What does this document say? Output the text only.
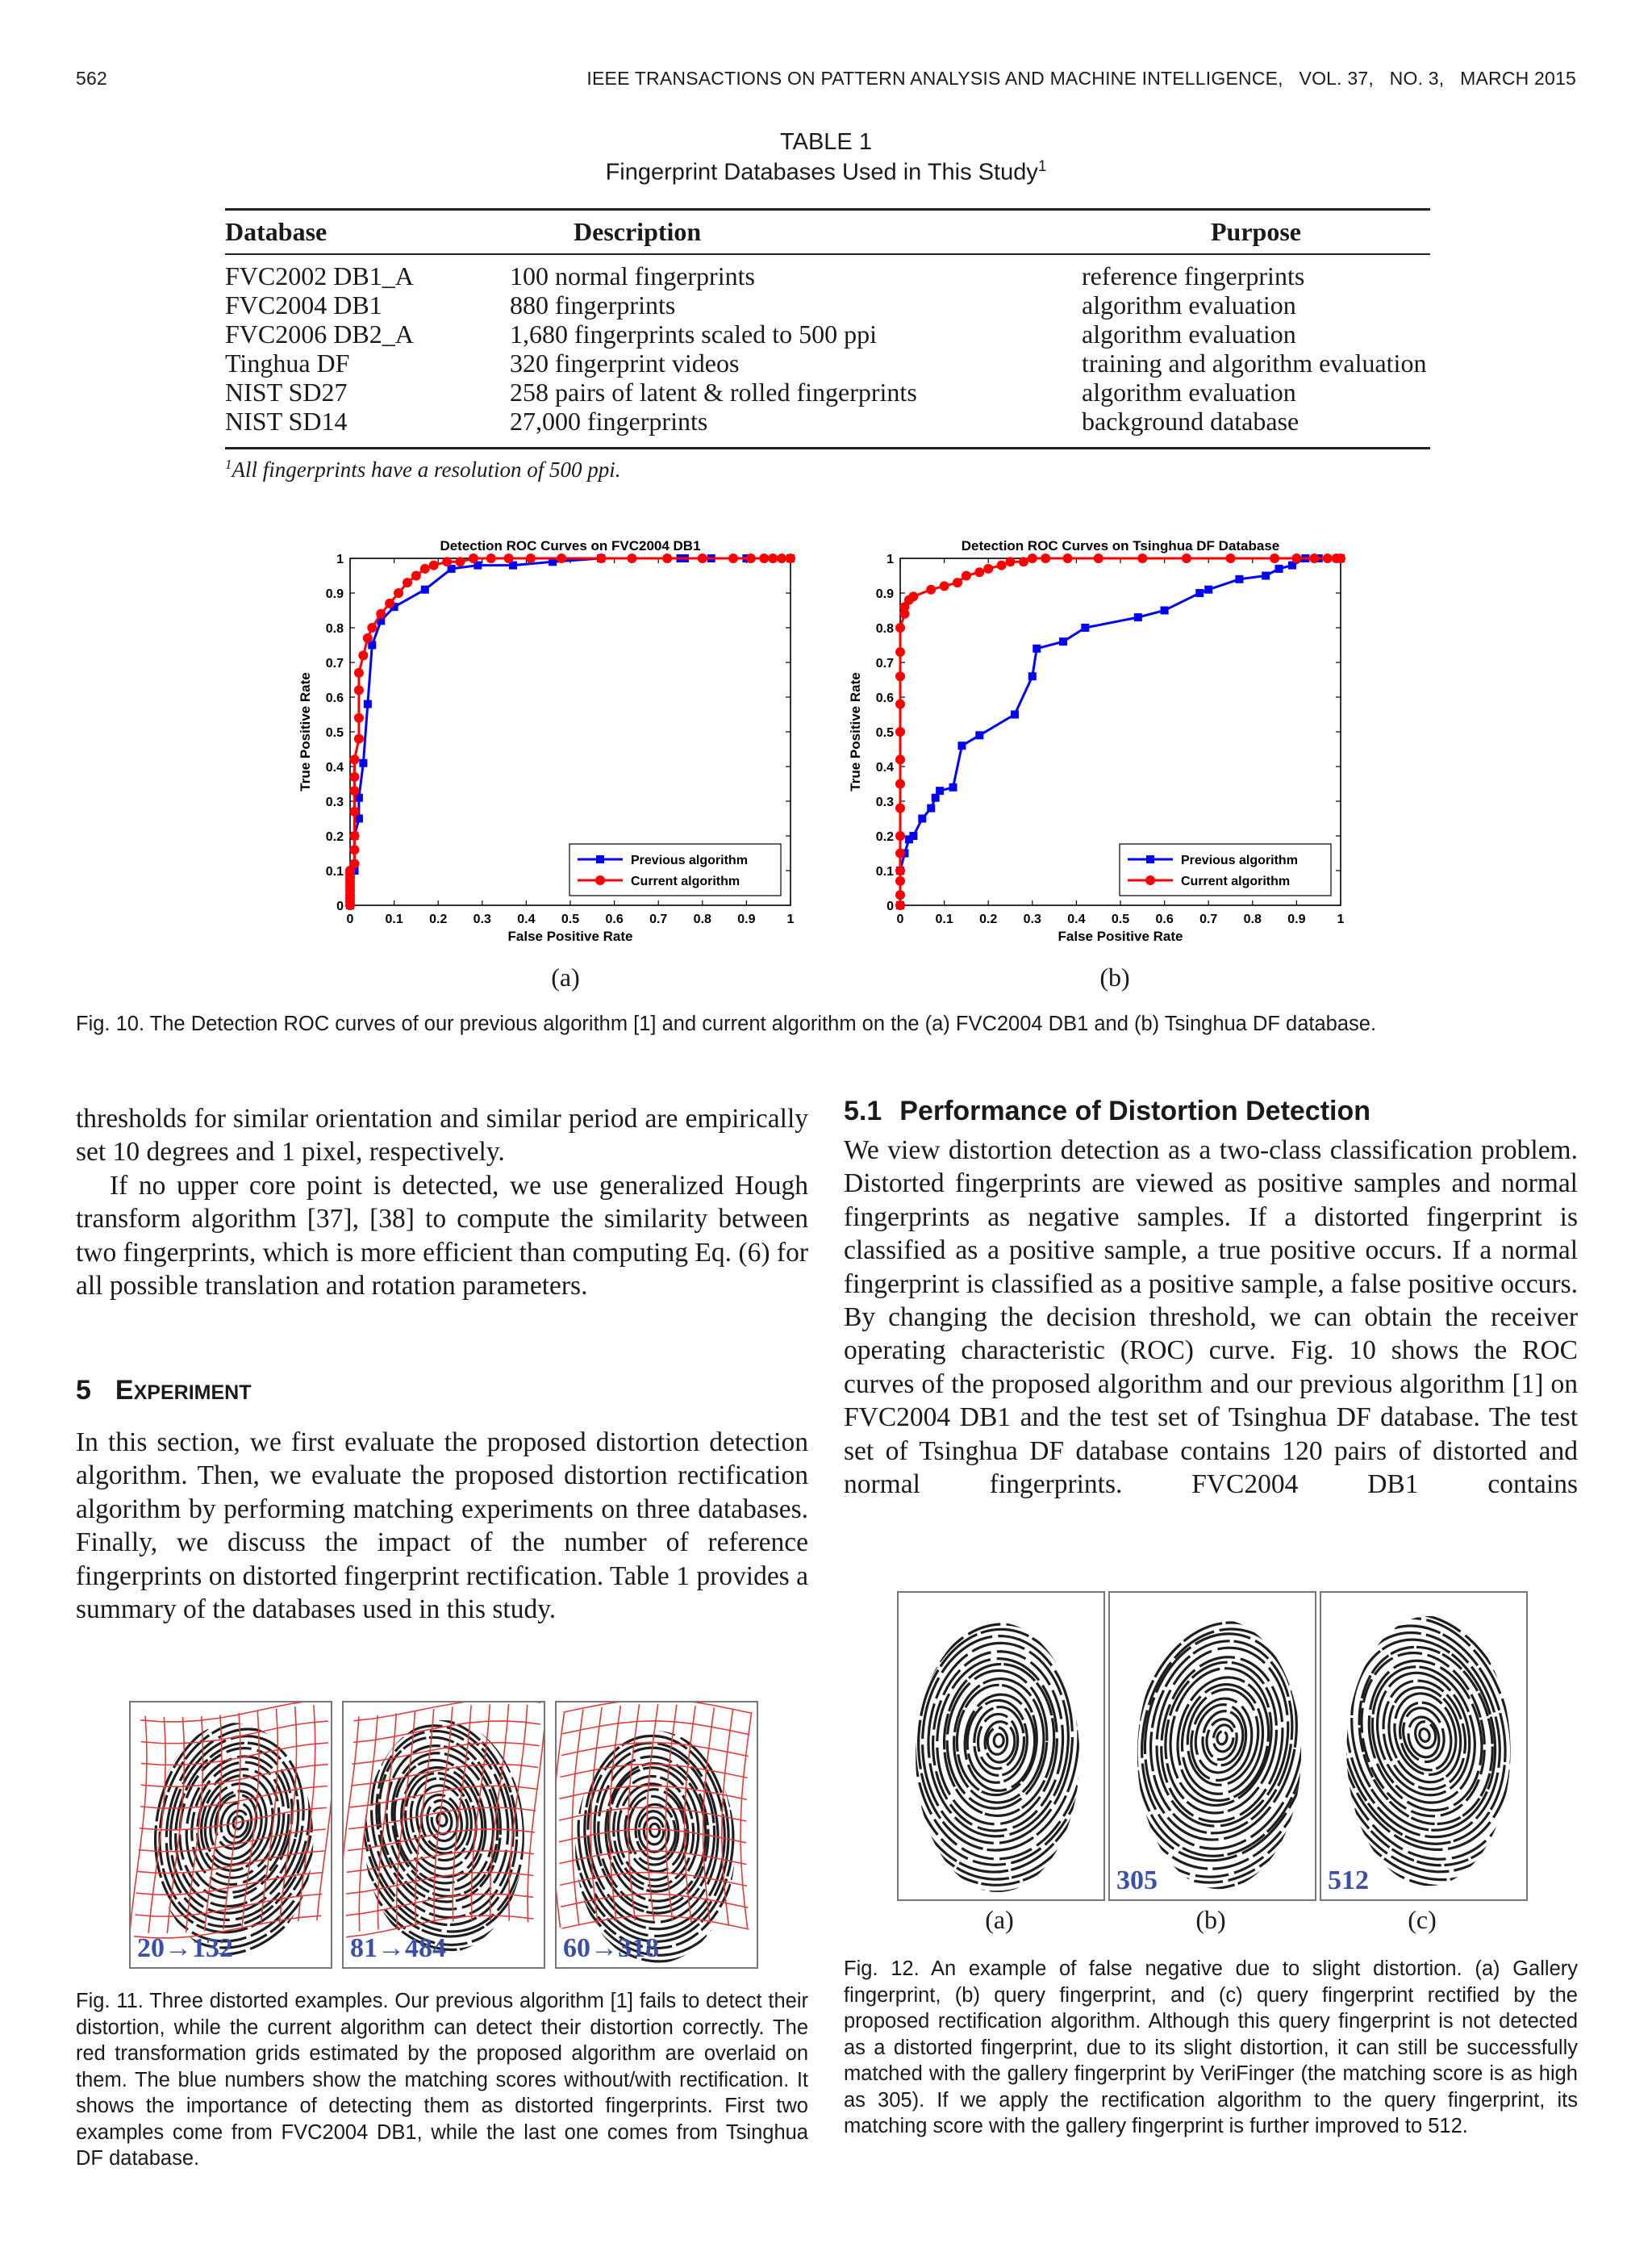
562	IEEE TRANSACTIONS ON PATTERN ANALYSIS AND MACHINE INTELLIGENCE,   VOL. 37,   NO. 3,   MARCH 2015
TABLE 1
Fingerprint Databases Used in This Study$^1$
Database	Description	Purpose
FVC2002 DB1_A	100 normal fingerprints	reference fingerprints
FVC2004 DB1	880 fingerprints	algorithm evaluation
FVC2006 DB2_A	1,680 fingerprints scaled to 500 ppi	algorithm evaluation
Tinghua DF	320 fingerprint videos	training and algorithm evaluation
NIST SD27	258 pairs of latent & rolled fingerprints	algorithm evaluation
NIST SD14	27,000 fingerprints	background database
$^1$All fingerprints have a resolution of 500 ppi.
Detection ROC Curves on FVC2004 DB1
0
0
0.1
0.1
0.2
0.2
0.3
0.3
0.4
0.4
0.5
0.5
0.6
0.6
0.7
0.7
0.8
0.8
0.9
0.9
1
1
False Positive Rate
True Positive Rate
Previous algorithm
Current algorithm
Detection ROC Curves on Tsinghua DF Database
0
0
0.1
0.1
0.2
0.2
0.3
0.3
0.4
0.4
0.5
0.5
0.6
0.6
0.7
0.7
0.8
0.8
0.9
0.9
1
1
False Positive Rate
True Positive Rate
Previous algorithm
Current algorithm
(a)	(b)
Fig. 10. The Detection ROC curves of our previous algorithm [1] and current algorithm on the (a) FVC2004 DB1 and (b) Tsinghua DF database.

thresholds for similar orientation and similar period are empirically set 10 degrees and 1 pixel, respectively.

If no upper core point is detected, we use generalized Hough transform algorithm [37], [38] to compute the similarity between two fingerprints, which is more efficient than computing Eq. (6) for all possible translation and rotation parameters.

5 EXPERIMENT

In this section, we first evaluate the proposed distortion detection algorithm. Then, we evaluate the proposed distortion rectification algorithm by performing matching experiments on three databases. Finally, we discuss the impact of the number of reference fingerprints on distorted fingerprint rectification. Table 1 provides a summary of the databases used in this study.

5.1 Performance of Distortion Detection

We view distortion detection as a two-class classification problem. Distorted fingerprints are viewed as positive samples and normal fingerprints as negative samples. If a distorted fingerprint is classified as a positive sample, a true positive occurs. If a normal fingerprint is classified as a positive sample, a false positive occurs. By changing the decision threshold, we can obtain the receiver operating characteristic (ROC) curve. Fig. 10 shows the ROC curves of the proposed algorithm and our previous algorithm [1] on FVC2004 DB1 and the test set of Tsinghua DF database. The test set of Tsinghua DF database contains 120 pairs of distorted and normal fingerprints. FVC2004 DB1 contains

20→132	81→484	60→318
Fig. 11. Three distorted examples. Our previous algorithm [1] fails to detect their distortion, while the current algorithm can detect their distortion correctly. The red transformation grids estimated by the proposed algorithm are overlaid on them. The blue numbers show the matching scores without/with rectification. It shows the importance of detecting them as distorted fingerprints. First two examples come from FVC2004 DB1, while the last one comes from Tsinghua DF database.
305	512
(a)	(b)	(c)
Fig. 12. An example of false negative due to slight distortion. (a) Gallery fingerprint, (b) query fingerprint, and (c) query fingerprint rectified by the proposed rectification algorithm. Although this query fingerprint is not detected as a distorted fingerprint, due to its slight distortion, it can still be successfully matched with the gallery fingerprint by VeriFinger (the matching score is as high as 305). If we apply the rectification algorithm to the query fingerprint, its matching score with the gallery fingerprint is further improved to 512.
